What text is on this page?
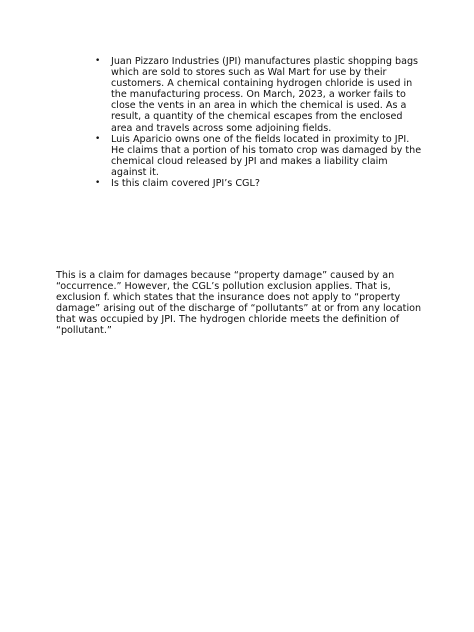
• Juan Pizzaro Industries (JPI) manufactures plastic shopping bags which are sold to stores such as Wal Mart for use by their customers. A chemical containing hydrogen chloride is used in the manufacturing process. On March, 2023, a worker fails to close the vents in an area in which the chemical is used. As a result, a quantity of the chemical escapes from the enclosed area and travels across some adjoining fields.
• Luis Aparicio owns one of the fields located in proximity to JPI. He claims that a portion of his tomato crop was damaged by the chemical cloud released by JPI and makes a liability claim against it.
• Is this claim covered JPI’s CGL?

This is a claim for damages because “property damage” caused by an “occurrence.” However, the CGL’s pollution exclusion applies. That is, exclusion f. which states that the insurance does not apply to “property damage” arising out of the discharge of “pollutants” at or from any location that was occupied by JPI. The hydrogen chloride meets the definition of “pollutant.”
